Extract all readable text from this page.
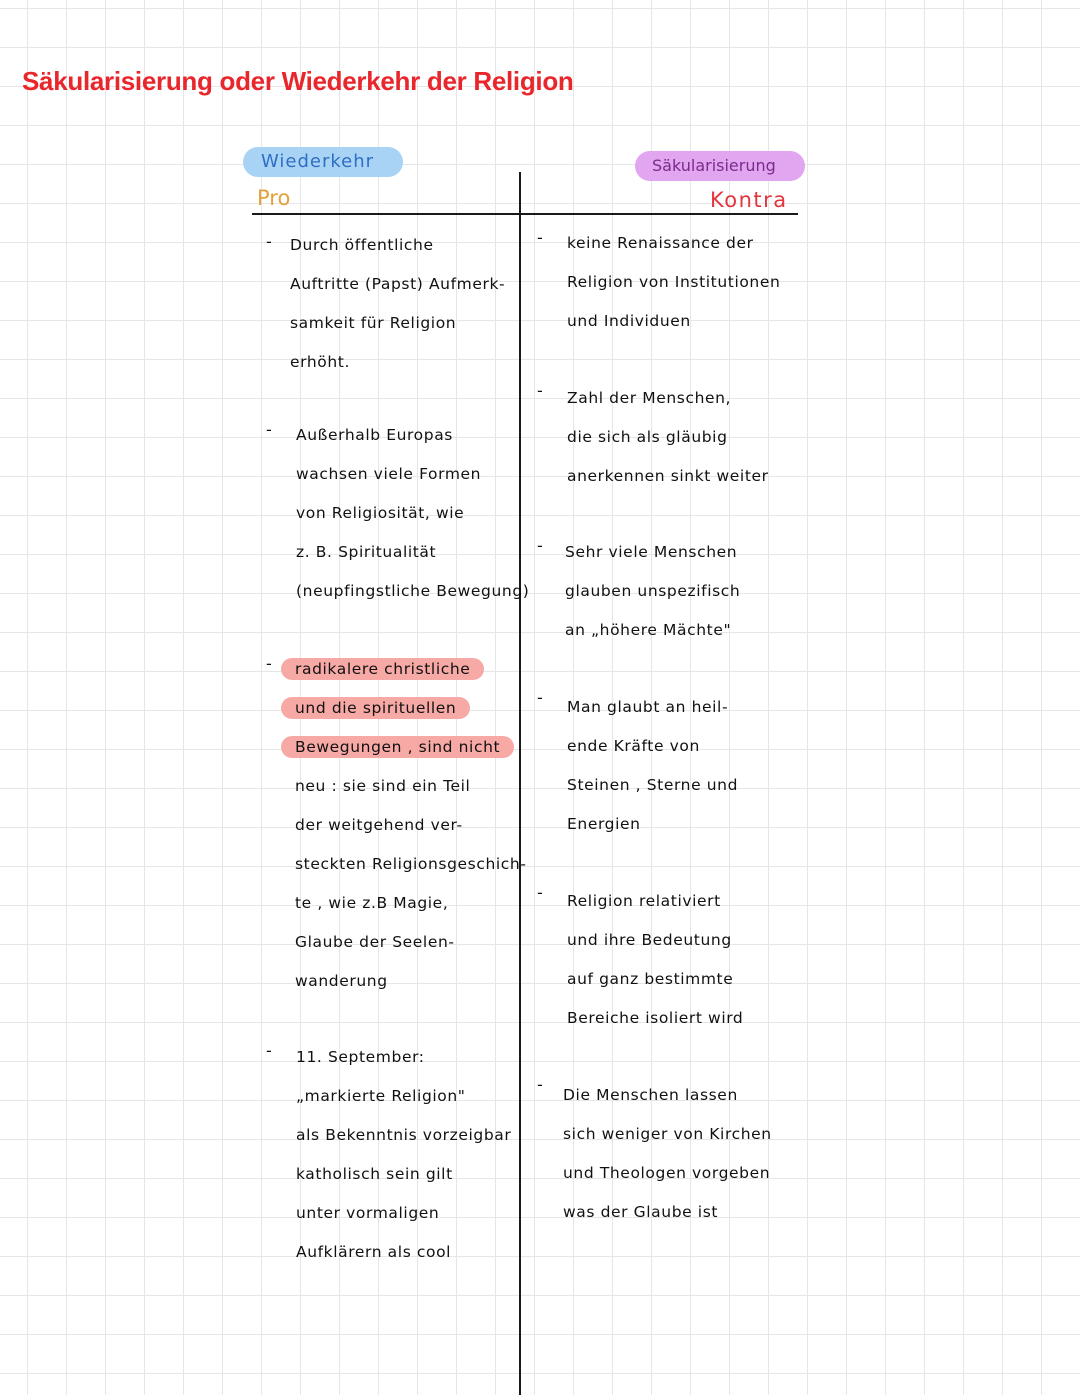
Säkularisierung oder Wiederkehr der Religion
Wiederkehr	Säkularisierung
Pro	Kontra
- Durch öffentliche
Auftritte (Papst) Aufmerk-
samkeit für Religion
erhöht.
- Außerhalb Europas
wachsen viele Formen
von Religiosität, wie
z. B. Spiritualität
(neupfingstliche Bewegung)
- radikalere christliche
und die spirituellen
Bewegungen , sind nicht
neu : sie sind ein Teil
der weitgehend ver-
steckten Religionsgeschich-
te , wie z.B Magie,
Glaube der Seelen-
wanderung
- 11. September:
„markierte Religion"
als Bekenntnis vorzeigbar
katholisch sein gilt
unter vormaligen
Aufklärern als cool
- keine Renaissance der
Religion von Institutionen
und Individuen
- Zahl der Menschen,
die sich als gläubig
anerkennen sinkt weiter
- Sehr viele Menschen
glauben unspezifisch
an „höhere Mächte"
- Man glaubt an heil-
ende Kräfte von
Steinen , Sterne und
Energien
- Religion relativiert
und ihre Bedeutung
auf ganz bestimmte
Bereiche isoliert wird
-
Die Menschen lassen
sich weniger von Kirchen
und Theologen vorgeben
was der Glaube ist
